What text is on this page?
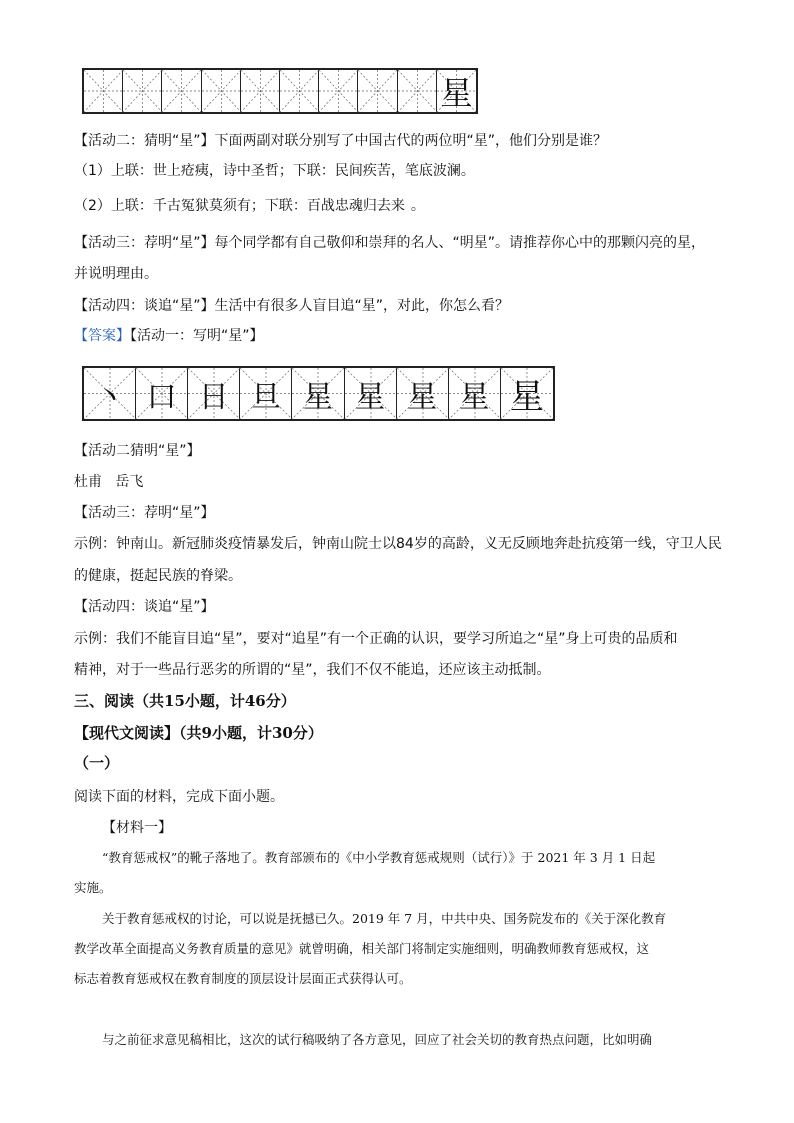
星
【活动二：猜明“星”】下面两副对联分别写了中国古代的两位明“星”，他们分别是谁？
（1）上联：世上疮痍，诗中圣哲；下联：民间疾苦，笔底波澜。
（2）上联：千古冤狱莫须有；下联：百战忠魂归去来 。
【活动三：荐明“星”】每个同学都有自己敬仰和崇拜的名人、“明星”。请推荐你心中的那颗闪亮的星，
并说明理由。
【活动四：谈追“星”】生活中有很多人盲目追“星”，对此，你怎么看？
【答案】【活动一：写明“星”】
丶 口 日 旦 星 星 星 星 星
【活动二猜明“星”】
杜甫   岳飞
【活动三：荐明“星”】
示例：钟南山。新冠肺炎疫情暴发后，钟南山院士以84岁的高龄，义无反顾地奔赴抗疫第一线，守卫人民
的健康，挺起民族的脊梁。
【活动四：谈追“星”】
示例：我们不能盲目追“星”，要对“追星”有一个正确的认识，要学习所追之“星”身上可贵的品质和
精神，对于一些品行恶劣的所谓的“星”，我们不仅不能追，还应该主动抵制。
三、阅读（共15小题，计46分）
【现代文阅读】（共9小题，计30分）
（一）
阅读下面的材料，完成下面小题。
【材料一】
“教育惩戒权”的靴子落地了。教育部颁布的《中小学教育惩戒规则（试行）》于 2021 年 3 月 1 日起
实施。
关于教育惩戒权的讨论，可以说是抚撼已久。2019 年 7 月，中共中央、国务院发布的《关于深化教育
教学改革全面提高义务教育质量的意见》就曾明确，相关部门将制定实施细则，明确教师教育惩戒权，这
标志着教育惩戒权在教育制度的顶层设计层面正式获得认可。
与之前征求意见稿相比，这次的试行稿吸纳了各方意见，回应了社会关切的教育热点问题，比如明确
